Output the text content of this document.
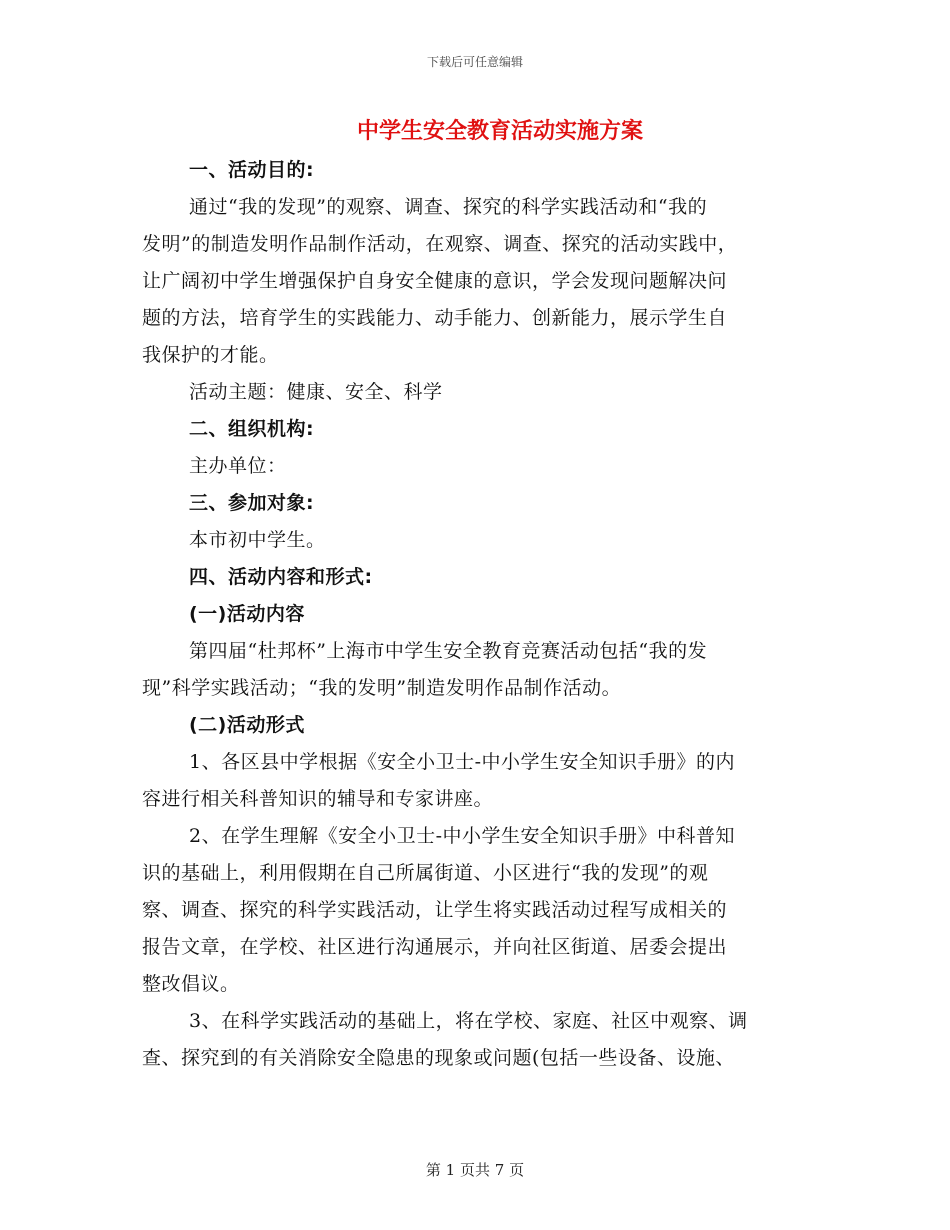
下载后可任意编辑
中学生安全教育活动实施方案
一、活动目的:
通过“我的发现”的观察、调查、探究的科学实践活动和“我的
发明”的制造发明作品制作活动，在观察、调查、探究的活动实践中，
让广阔初中学生增强保护自身安全健康的意识，学会发现问题解决问
题的方法，培育学生的实践能力、动手能力、创新能力，展示学生自
我保护的才能。
活动主题：健康、安全、科学
二、组织机构:
主办单位：
三、参加对象:
本市初中学生。
四、活动内容和形式:
(一)活动内容
第四届“杜邦杯”上海市中学生安全教育竞赛活动包括“我的发
现”科学实践活动；“我的发明”制造发明作品制作活动。
(二)活动形式
1、各区县中学根据《安全小卫士-中小学生安全知识手册》的内
容进行相关科普知识的辅导和专家讲座。
2、在学生理解《安全小卫士-中小学生安全知识手册》中科普知
识的基础上，利用假期在自己所属街道、小区进行“我的发现”的观
察、调查、探究的科学实践活动，让学生将实践活动过程写成相关的
报告文章，在学校、社区进行沟通展示，并向社区街道、居委会提出
整改倡议。
3、在科学实践活动的基础上，将在学校、家庭、社区中观察、调
查、探究到的有关消除安全隐患的现象或问题(包括一些设备、设施、
第 1 页共 7 页
